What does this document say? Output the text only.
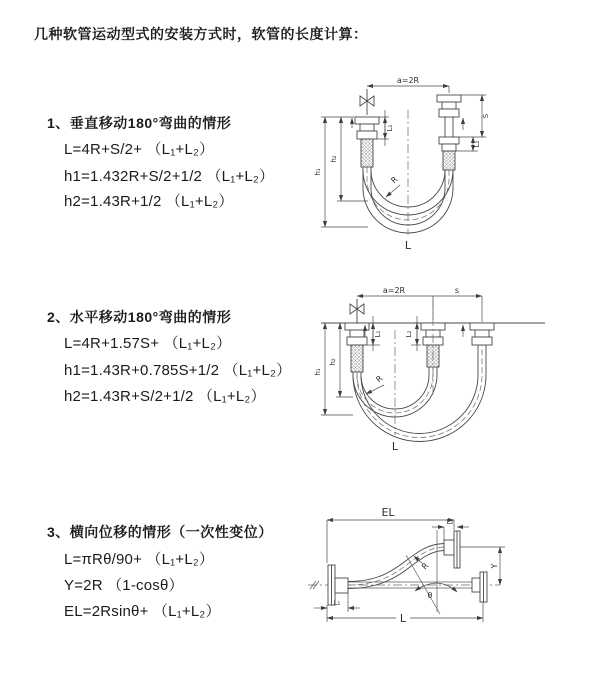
几种软管运动型式的安装方式时，软管的长度计算：
1、垂直移动180°弯曲的情形
L=4R+S/2+ （L₁+L₂）
h1=1.432R+S/2+1/2 （L₁+L₂）
h2=1.43R+1/2 （L₁+L₂）
2、水平移动180°弯曲的情形
L=4R+1.57S+ （L₁+L₂）
h1=1.43R+0.785S+1/2 （L₁+L₂）
h2=1.43R+S/2+1/2 （L₁+L₂）
3、横向位移的情形（一次性变位）
L=πRθ/90+ （L₁+L₂）
Y=2R （1-cosθ）
EL=2Rsinθ+ （L₁+L₂）
a=2R
L
h₁
h₂
L₁
S
L₂
R
a=2R	s
L
h₁
h₂
L₁	L₂
R
EL
L₂
Y
R
θ
L₁
L
